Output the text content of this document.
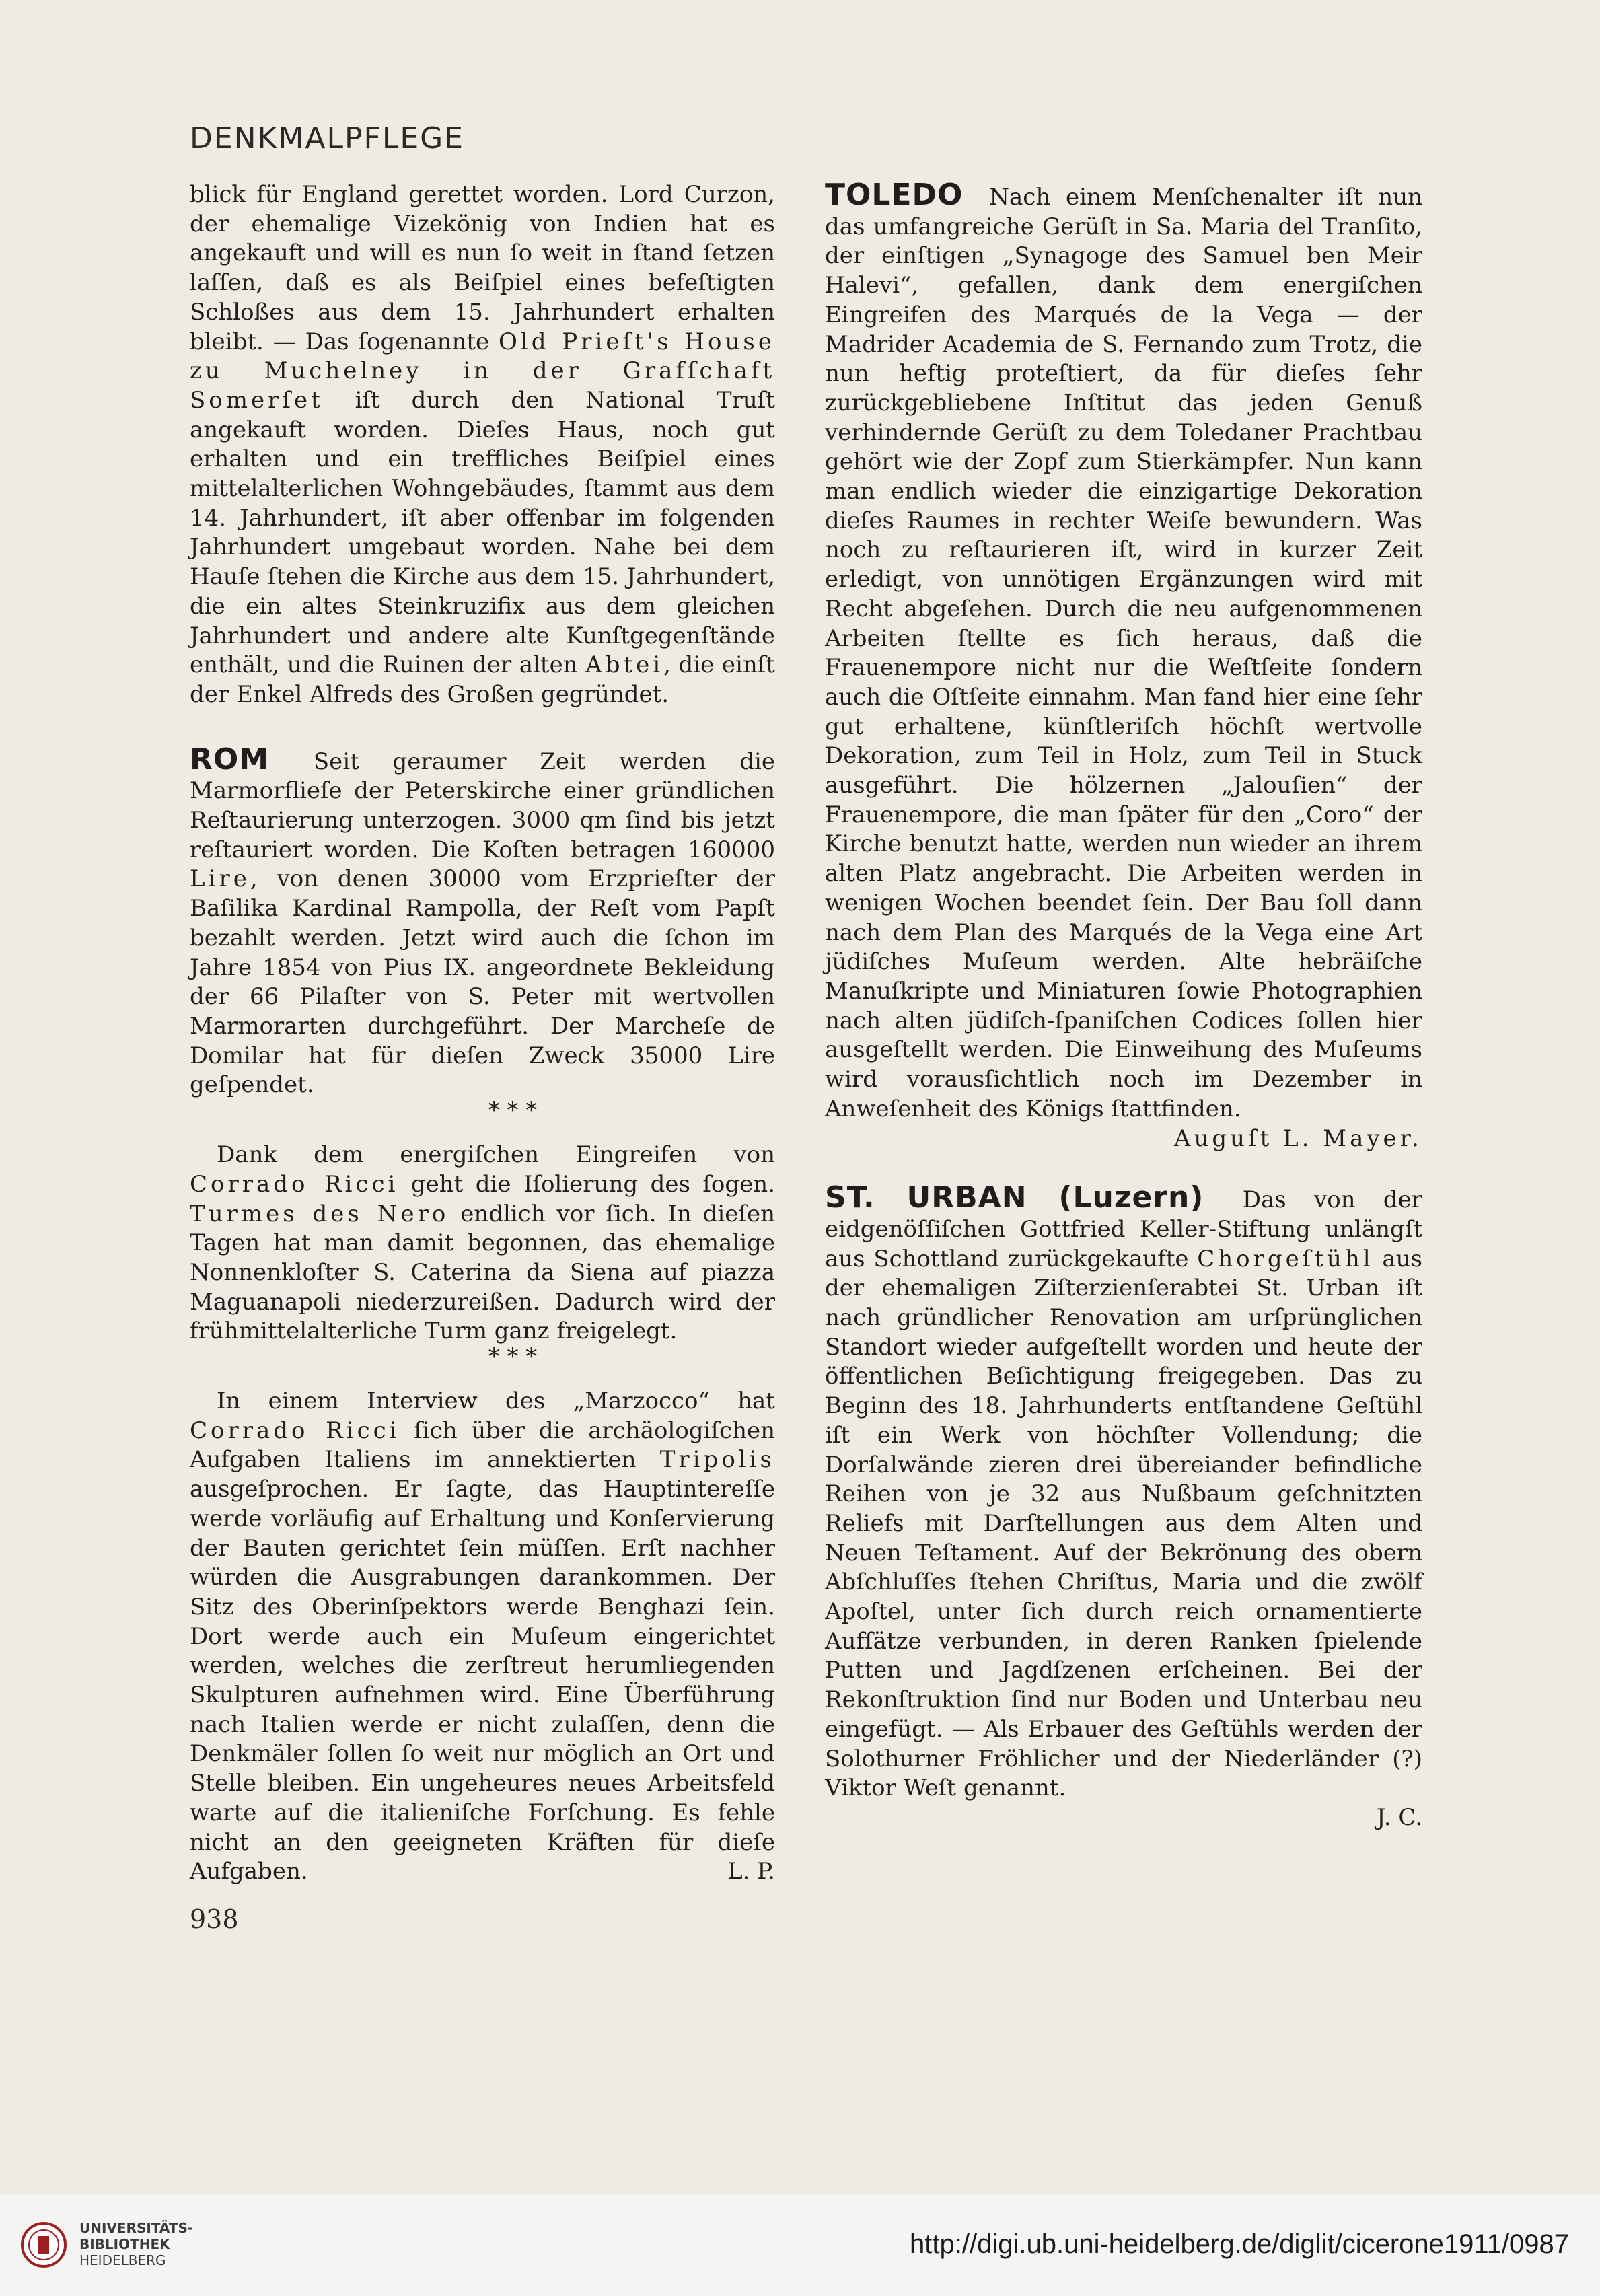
DENKMALPFLEGE

blick für England gerettet worden. Lord Curzon, der ehemalige Vizekönig von Indien hat es angekauft und will es nun ſo weit in ſtand ſetzen laſſen, daß es als Beiſpiel eines befeſtigten Schloßes aus dem 15. Jahrhundert erhalten bleibt. — Das ſogenannte Old Prieſt's House zu Muchelney in der Grafſchaft Somerſet iſt durch den National Truſt angekauft worden. Dieſes Haus, noch gut erhalten und ein treffliches Beiſpiel eines mittelalterlichen Wohngebäudes, ſtammt aus dem 14. Jahrhundert, iſt aber offenbar im folgenden Jahrhundert umgebaut worden. Nahe bei dem Hauſe ſtehen die Kirche aus dem 15. Jahrhundert, die ein altes Steinkruzifix aus dem gleichen Jahrhundert und andere alte Kunſtgegenſtände enthält, und die Ruinen der alten Abtei, die einſt der Enkel Alfreds des Großen gegründet.

ROM Seit geraumer Zeit werden die Marmorflieſe der Peterskirche einer gründlichen Reſtaurierung unterzogen. 3000 qm ſind bis jetzt reſtauriert worden. Die Koſten betragen 160000 Lire, von denen 30000 vom Erzprieſter der Baſilika Kardinal Rampolla, der Reſt vom Papſt bezahlt werden. Jetzt wird auch die ſchon im Jahre 1854 von Pius IX. angeordnete Bekleidung der 66 Pilaſter von S. Peter mit wertvollen Marmorarten durchgeführt. Der Marcheſe de Domilar hat für dieſen Zweck 35000 Lire geſpendet.

* * *

Dank dem energiſchen Eingreifen von Corrado Ricci geht die Iſolierung des ſogen. Turmes des Nero endlich vor ſich. In dieſen Tagen hat man damit begonnen, das ehemalige Nonnenkloſter S. Caterina da Siena auf piazza Maguanapoli niederzureißen. Dadurch wird der frühmittelalterliche Turm ganz freigelegt.

* * *

In einem Interview des „Marzocco“ hat Corrado Ricci ſich über die archäologiſchen Aufgaben Italiens im annektierten Tripolis ausgeſprochen. Er ſagte, das Hauptintereſſe werde vorläufig auf Erhaltung und Konſervierung der Bauten gerichtet ſein müſſen. Erſt nachher würden die Ausgrabungen darankommen. Der Sitz des Oberinſpektors werde Benghazi ſein. Dort werde auch ein Muſeum eingerichtet werden, welches die zerſtreut herumliegenden Skulpturen aufnehmen wird. Eine Überführung nach Italien werde er nicht zulaſſen, denn die Denkmäler ſollen ſo weit nur möglich an Ort und Stelle bleiben. Ein ungeheures neues Arbeitsfeld warte auf die italieniſche Forſchung. Es fehle nicht an den geeigneten Kräften für dieſe Aufgaben.	L. P.

TOLEDO Nach einem Menſchenalter iſt nun das umfangreiche Gerüſt in Sa. Maria del Tranſito, der einſtigen „Synagoge des Samuel ben Meir Halevi“, gefallen, dank dem energiſchen Eingreifen des Marqués de la Vega — der Madrider Academia de S. Fernando zum Trotz, die nun heftig proteſtiert, da für dieſes ſehr zurückgebliebene Inſtitut das jeden Genuß verhindernde Gerüſt zu dem Toledaner Prachtbau gehört wie der Zopf zum Stierkämpfer. Nun kann man endlich wieder die einzigartige Dekoration dieſes Raumes in rechter Weiſe bewundern. Was noch zu reſtaurieren iſt, wird in kurzer Zeit erledigt, von unnötigen Ergänzungen wird mit Recht abgeſehen. Durch die neu aufgenommenen Arbeiten ſtellte es ſich heraus, daß die Frauenempore nicht nur die Weſtſeite ſondern auch die Oſtſeite einnahm. Man fand hier eine ſehr gut erhaltene, künſtleriſch höchſt wertvolle Dekoration, zum Teil in Holz, zum Teil in Stuck ausgeführt. Die hölzernen „Jalouſien“ der Frauenempore, die man ſpäter für den „Coro“ der Kirche benutzt hatte, werden nun wieder an ihrem alten Platz angebracht. Die Arbeiten werden in wenigen Wochen beendet ſein. Der Bau ſoll dann nach dem Plan des Marqués de la Vega eine Art jüdiſches Muſeum werden. Alte hebräiſche Manuſkripte und Miniaturen ſowie Photographien nach alten jüdiſch-ſpaniſchen Codices ſollen hier ausgeſtellt werden. Die Einweihung des Muſeums wird vorausſichtlich noch im Dezember in Anweſenheit des Königs ſtattfinden.

Auguſt L. Mayer.

ST. URBAN (Luzern) Das von der eidgenöſſiſchen Gottfried Keller-Stiftung unlängſt aus Schottland zurückgekaufte Chorgeſtühl aus der ehemaligen Ziſterzienſerabtei St. Urban iſt nach gründlicher Renovation am urſprünglichen Standort wieder aufgeſtellt worden und heute der öffentlichen Beſichtigung freigegeben. Das zu Beginn des 18. Jahrhunderts entſtandene Geſtühl iſt ein Werk von höchſter Vollendung; die Dorſalwände zieren drei übereiander befindliche Reihen von je 32 aus Nußbaum geſchnitzten Reliefs mit Darſtellungen aus dem Alten und Neuen Teſtament. Auf der Bekrönung des obern Abſchluſſes ſtehen Chriſtus, Maria und die zwölf Apoſtel, unter ſich durch reich ornamentierte Aufſätze verbunden, in deren Ranken ſpielende Putten und Jagdſzenen erſcheinen. Bei der Rekonſtruktion ſind nur Boden und Unterbau neu eingefügt. — Als Erbauer des Geſtühls werden der Solothurner Fröhlicher und der Niederländer (?) Viktor Weſt genannt.

J. C.

938
UNIVERSITÄTS-
BIBLIOTHEK
HEIDELBERG
http://digi.ub.uni-heidelberg.de/diglit/cicerone1911/0987
